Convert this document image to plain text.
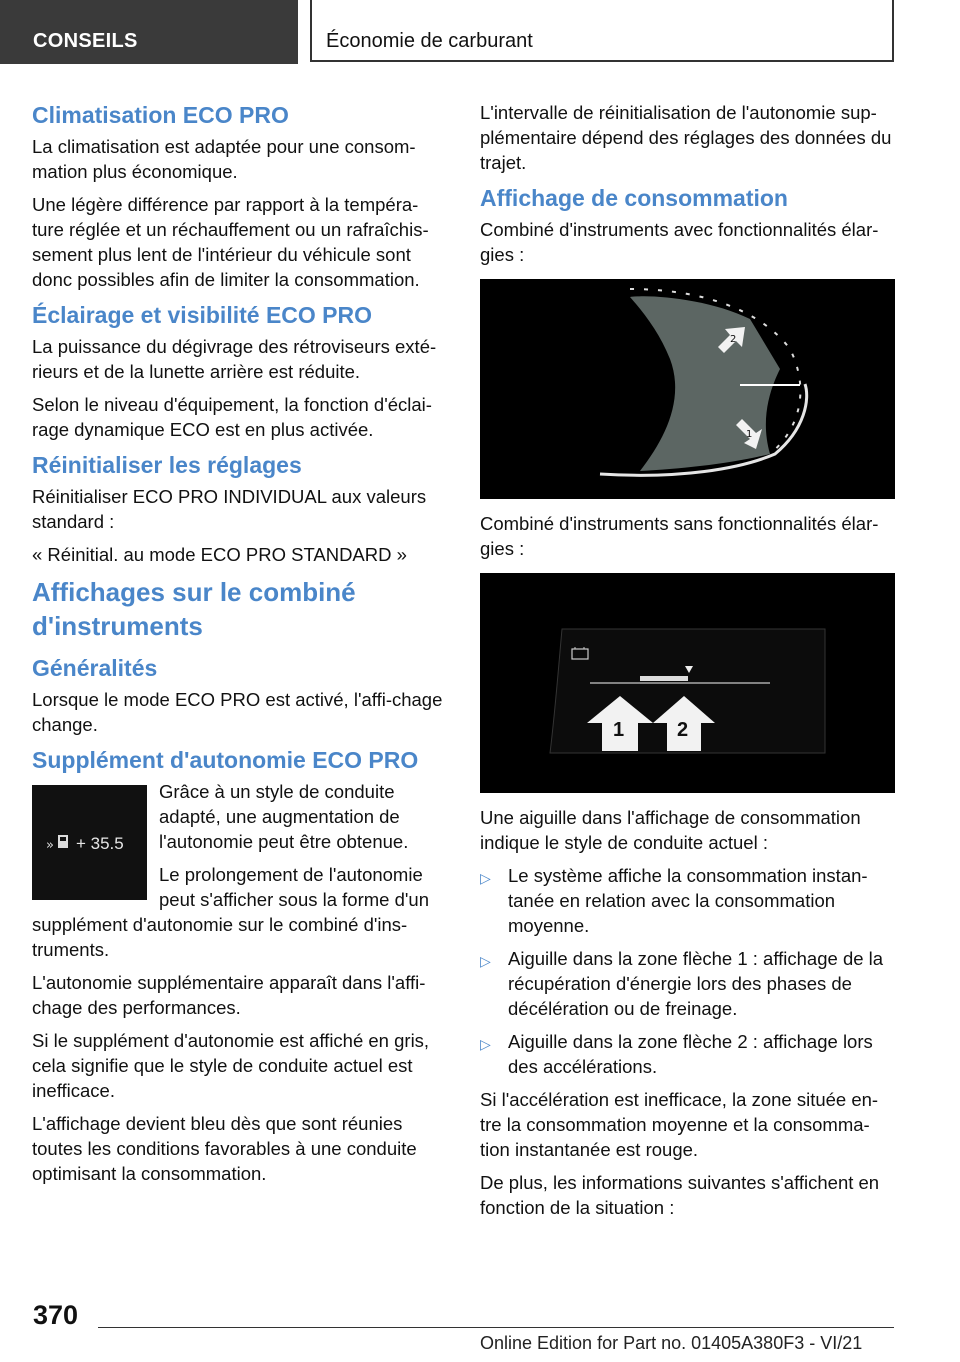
CONSEILS	Économie de carburant
Climatisation ECO PRO

La climatisation est adaptée pour une consom-mation plus économique.

Une légère différence par rapport à la tempéra-ture réglée et un réchauffement ou un rafraîchis-sement plus lent de l'intérieur du véhicule sont donc possibles afin de limiter la consommation.

Éclairage et visibilité ECO PRO

La puissance du dégivrage des rétroviseurs exté-rieurs et de la lunette arrière est réduite.

Selon le niveau d'équipement, la fonction d'éclai-rage dynamique ECO est en plus activée.

Réinitialiser les réglages

Réinitialiser ECO PRO INDIVIDUAL aux valeurs standard :

« Réinitial. au mode ECO PRO STANDARD »

Affichages sur le combiné d'instruments
Généralités

Lorsque le mode ECO PRO est activé, l'affi-chage change.

Supplément d'autonomie ECO PRO
» + 35.5

Grâce à un style de conduite adapté, une augmentation de l'autonomie peut être obtenue.

Le prolongement de l'autonomie peut s'afficher sous la forme d'un supplément d'autonomie sur le combiné d'ins-truments.

L'autonomie supplémentaire apparaît dans l'affi-chage des performances.

Si le supplément d'autonomie est affiché en gris, cela signifie que le style de conduite actuel est inefficace.

L'affichage devient bleu dès que sont réunies toutes les conditions favorables à une conduite optimisant la consommation.

L'intervalle de réinitialisation de l'autonomie sup-plémentaire dépend des réglages des données du trajet.

Affichage de consommation

Combiné d'instruments avec fonctionnalités élar-gies :

2
1

Combiné d'instruments sans fonctionnalités élar-gies :

1	2

Une aiguille dans l'affichage de consommation indique le style de conduite actuel :

▷ Le système affiche la consommation instan-tanée en relation avec la consommation moyenne.
▷ Aiguille dans la zone flèche 1 : affichage de la récupération d'énergie lors des phases de décélération ou de freinage.
▷ Aiguille dans la zone flèche 2 : affichage lors des accélérations.

Si l'accélération est inefficace, la zone située en-tre la consommation moyenne et la consomma-tion instantanée est rouge.

De plus, les informations suivantes s'affichent en fonction de la situation :

370
Online Edition for Part no. 01405A380F3 - VI/21
